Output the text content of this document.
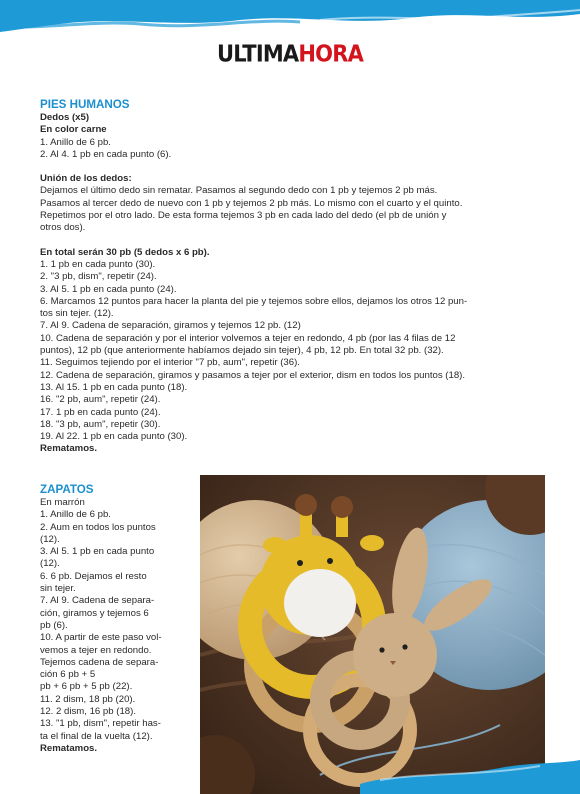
ULTIMAHORA
PIES HUMANOS
Dedos (x5)
En color carne
1. Anillo de 6 pb.
2. Al 4. 1 pb en cada punto (6).
Unión de los dedos:
Dejamos el último dedo sin rematar. Pasamos al segundo dedo con 1 pb y tejemos 2 pb más.
Pasamos al tercer dedo de nuevo con 1 pb y tejemos 2 pb más. Lo mismo con el cuarto y el quinto.
Repetimos por el otro lado. De esta forma tejemos 3 pb en cada lado del dedo (el pb de unión y
otros dos).
En total serán 30 pb (5 dedos x 6 pb).
1. 1 pb en cada punto (30).
2. "3 pb, dism", repetir (24).
3. Al 5. 1 pb en cada punto (24).
6. Marcamos 12 puntos para hacer la planta del pie y tejemos sobre ellos, dejamos los otros 12 pun-
tos sin tejer. (12).
7. Al 9. Cadena de separación, giramos y tejemos 12 pb. (12)
10. Cadena de separación y por el interior volvemos a tejer en redondo, 4 pb (por las 4 filas de 12
puntos), 12 pb (que anteriormente habíamos dejado sin tejer), 4 pb, 12 pb. En total 32 pb. (32).
11. Seguimos tejiendo por el interior "7 pb, aum", repetir (36).
12. Cadena de separación, giramos y pasamos a tejer por el exterior, dism en todos los puntos (18).
13. Al 15. 1 pb en cada punto (18).
16. "2 pb, aum", repetir (24).
17. 1 pb en cada punto (24).
18. "3 pb, aum", repetir (30).
19. Al 22. 1 pb en cada punto (30).
Rematamos.
ZAPATOS
En marrón
1. Anillo de 6 pb.
2. Aum en todos los puntos
(12).
3. Al 5. 1 pb en cada punto
(12).
6. 6 pb. Dejamos el resto
sin tejer.
7. Al 9. Cadena de separa-
ción, giramos y tejemos 6
pb (6).
10. A partir de este paso vol-
vemos a tejer en redondo.
Tejemos cadena de separa-
ción 6 pb + 5
pb + 6 pb + 5 pb (22).
11. 2 dism, 18 pb (20).
12. 2 dism, 16 pb (18).
13. "1 pb, dism", repetir has-
ta el final de la vuelta (12).
Rematamos.
